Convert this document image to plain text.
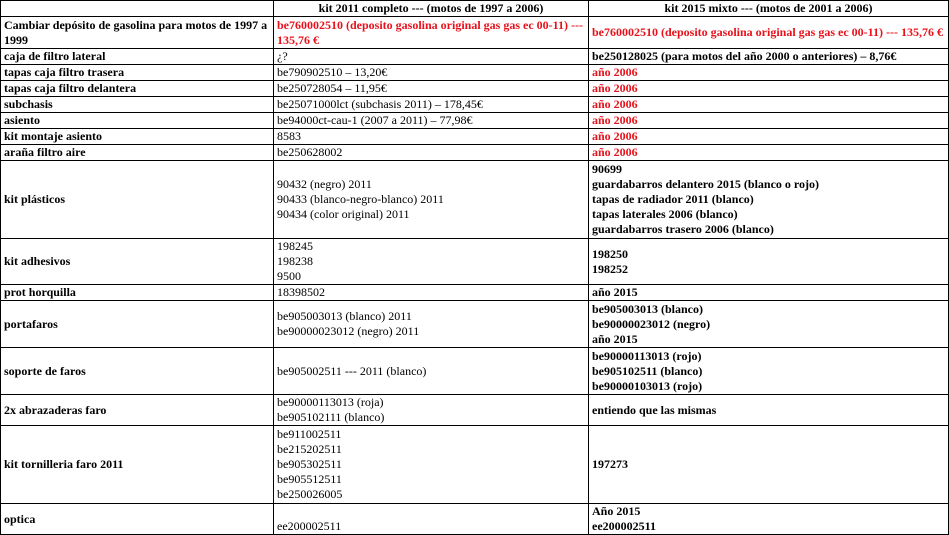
	kit 2011 completo --- (motos de 1997 a 2006)	kit 2015 mixto --- (motos de 2001 a 2006)
Cambiar depósito de gasolina para motos de 1997 a 1999	be760002510 (deposito gasolina original gas gas ec 00-11) --- 135,76 €	be760002510 (deposito gasolina original gas gas ec 00-11) --- 135,76 €

caja de filtro lateral	¿?	be250128025 (para motos del año 2000 o anteriores) – 8,76€

tapas caja filtro trasera	be790902510 – 13,20€	año 2006

tapas caja filtro delantera	be250728054 – 11,95€	año 2006

subchasis	be25071000lct (subchasis 2011) – 178,45€	año 2006

asiento	be94000ct-cau-1 (2007 a 2011) – 77,98€	año 2006

kit montaje asiento	8583	año 2006

araña filtro aire	be250628002	año 2006

kit plásticos	90432 (negro) 2011
90433 (blanco-negro-blanco) 2011
90434 (color original) 2011	90699
guardabarros delantero 2015 (blanco o rojo)
tapas de radiador 2011 (blanco)
tapas laterales 2006 (blanco)
guardabarros trasero 2006 (blanco)

kit adhesivos	198245
198238
9500	198250
198252

prot horquilla	18398502	año 2015

portafaros	be905003013 (blanco) 2011
be90000023012 (negro) 2011	be905003013 (blanco)
be90000023012 (negro)
año 2015

soporte de faros	be905002511 --- 2011 (blanco)	be90000113013 (rojo)
be905102511 (blanco)
be90000103013 (rojo)

2x abrazaderas faro	be90000113013 (roja)
be905102111 (blanco)	entiendo que las mismas

kit tornilleria faro 2011	be911002511
be215202511
be905302511
be905512511
be250026005	197273

optica	ee200002511	Año 2015
ee200002511
